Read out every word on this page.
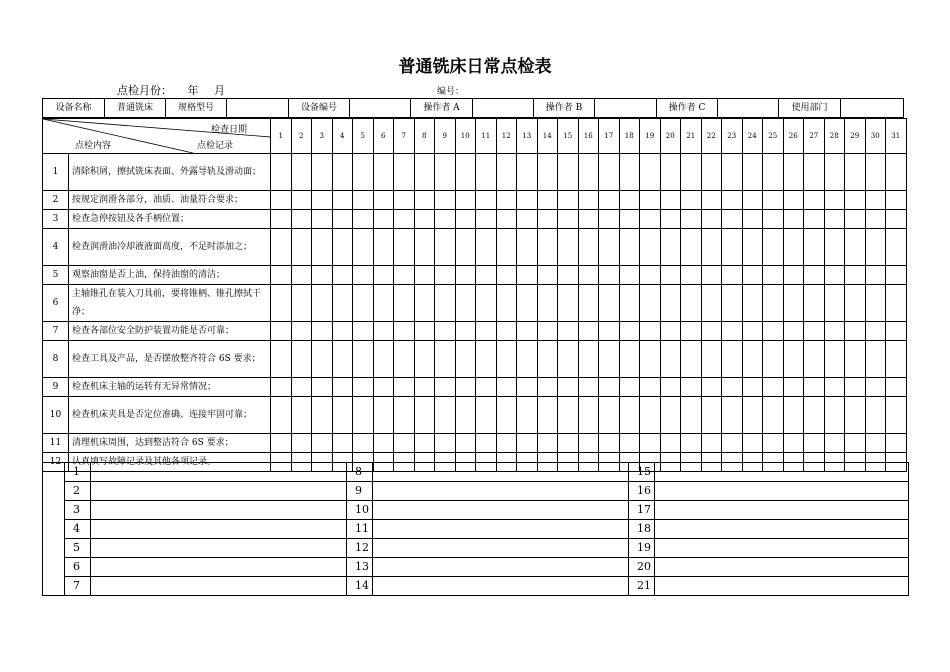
普通铣床日常点检表
点检月份： 年 月	编号：
设备名称	普通铣床	规格型号		设备编号		操作者 A		操作者 B		操作者 C		使用部门	
检查日期
点检内容 点检记录		1	2	3	4	5	6	7	8	9	10	11	12	13	14	15	16	17	18	19	20	21	22	23	24	25	26	27	28	29	30	31
1	清除积屑，擦拭铣床表面、外露导轨及滑动面；																															
2	按规定润滑各部分，油质、油量符合要求；																															
3	检查急停按钮及各手柄位置；																															
4	检查润滑油冷却液液面高度，不足时添加之；																															
5	观察油窗是否上油，保持油窗的清洁；																															
6	主轴锥孔在装入刀具前，要将锥柄、锥孔擦拭干净；																															
7	检查各部位安全防护装置功能是否可靠；																															
8	检查工具及产品，是否摆放整齐符合 6S 要求；																															
9	检查机床主轴的运转有无异常情况；																															
10	检查机床夹具是否定位准确、连接牢固可靠；																															
11	清理机床周围，达到整洁符合 6S 要求；																															
12	认真填写故障记录及其他各项记录。																															
	1		8		15	
	2		9		16	
	3		10		17	
	4		11		18	
	5		12		19	
	6		13		20	
	7		14		21	
